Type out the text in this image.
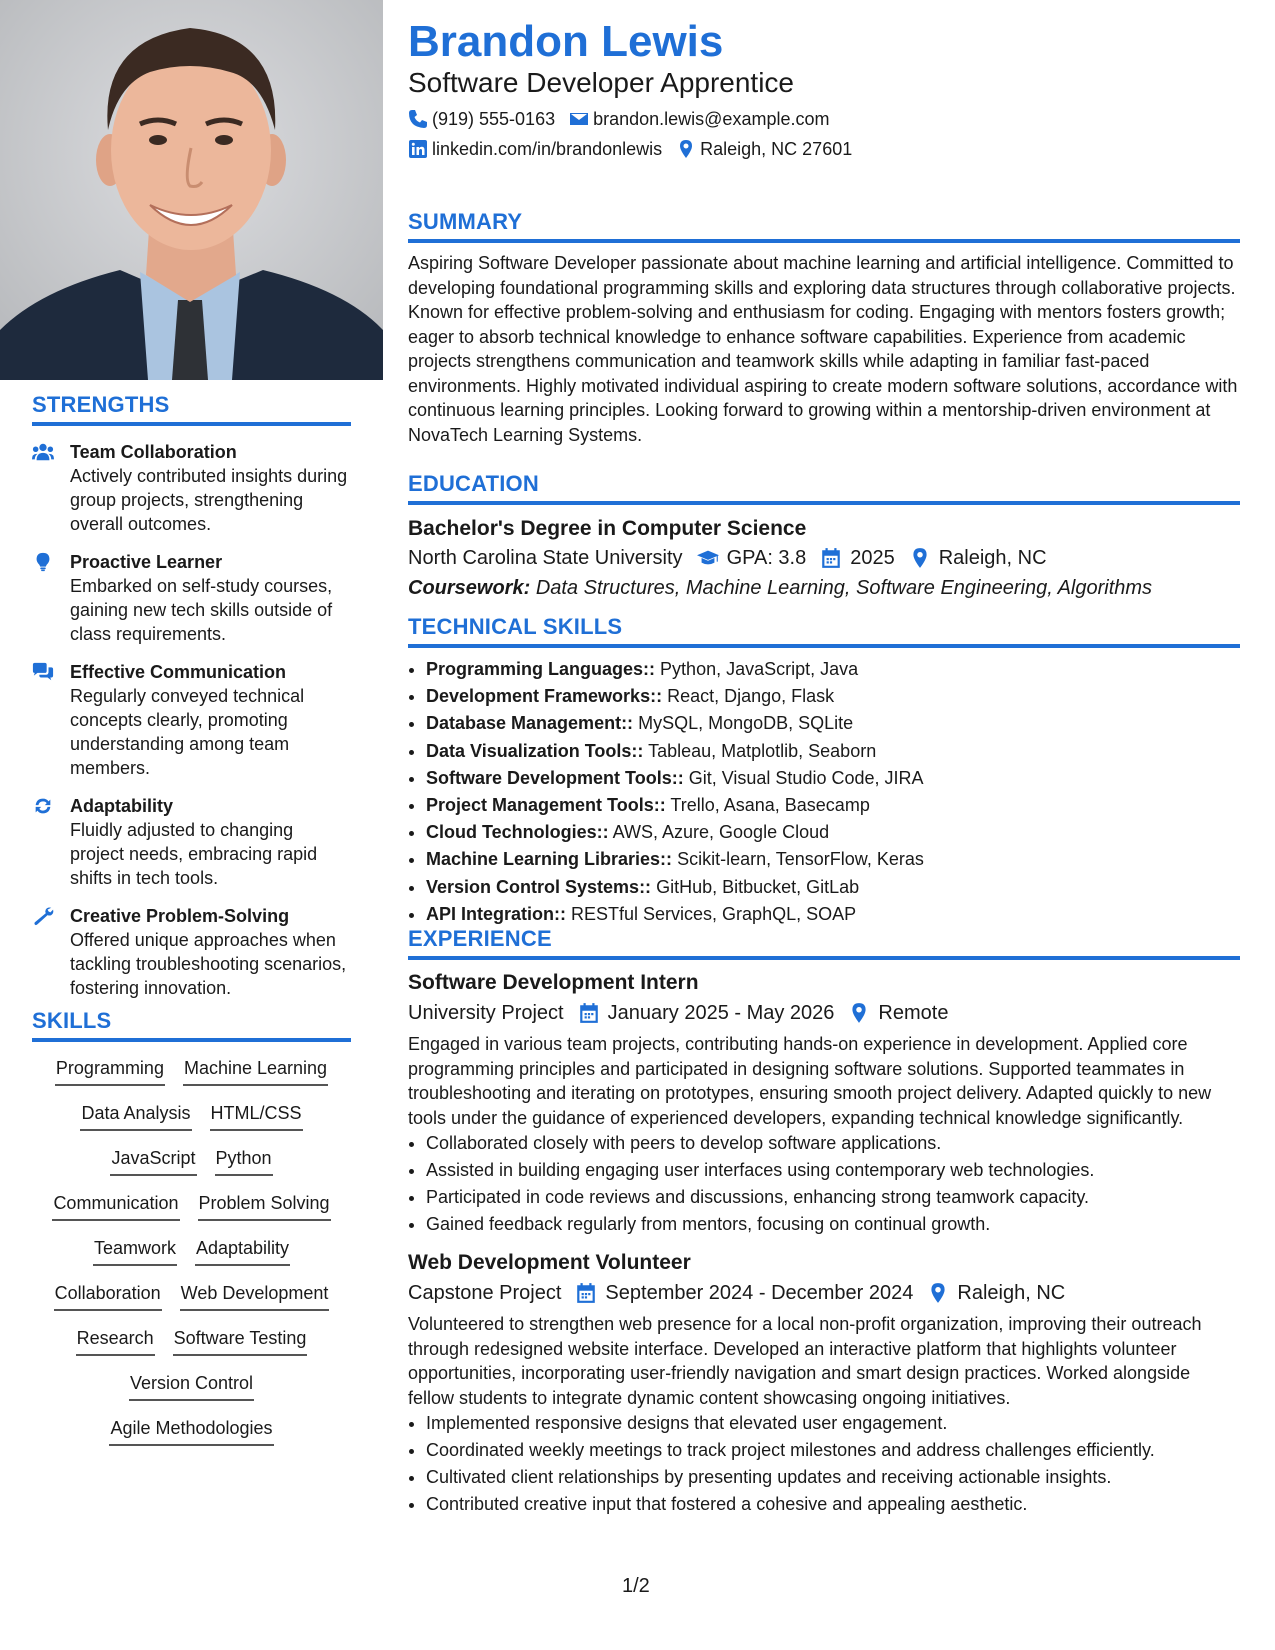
STRENGTHS
Team Collaboration
Actively contributed insights during group projects, strengthening overall outcomes.
Proactive Learner
Embarked on self-study courses, gaining new tech skills outside of class requirements.
Effective Communication
Regularly conveyed technical concepts clearly, promoting understanding among team members.
Adaptability
Fluidly adjusted to changing project needs, embracing rapid shifts in tech tools.
Creative Problem-Solving
Offered unique approaches when tackling troubleshooting scenarios, fostering innovation.
SKILLS
Programming Machine Learning
Data Analysis HTML/CSS
JavaScript Python
Communication Problem Solving
Teamwork Adaptability
Collaboration Web Development
Research Software Testing
Version Control
Agile Methodologies
Brandon Lewis
Software Developer Apprentice
(919) 555-0163 brandon.lewis@example.com
linkedin.com/in/brandonlewis Raleigh, NC 27601
SUMMARY

Aspiring Software Developer passionate about machine learning and artificial intelligence. Committed to developing foundational programming skills and exploring data structures through collaborative projects. Known for effective problem-solving and enthusiasm for coding. Engaging with mentors fosters growth; eager to absorb technical knowledge to enhance software capabilities. Experience from academic projects strengthens communication and teamwork skills while adapting in familiar fast-paced environments. Highly motivated individual aspiring to create modern software solutions, accordance with continuous learning principles. Looking forward to growing within a mentorship-driven environment at NovaTech Learning Systems.

EDUCATION
Bachelor's Degree in Computer Science
North Carolina State University GPA: 3.8 2025 Raleigh, NC
Coursework: Data Structures, Machine Learning, Software Engineering, Algorithms
TECHNICAL SKILLS
• Programming Languages:: Python, JavaScript, Java
• Development Frameworks:: React, Django, Flask
• Database Management:: MySQL, MongoDB, SQLite
• Data Visualization Tools:: Tableau, Matplotlib, Seaborn
• Software Development Tools:: Git, Visual Studio Code, JIRA
• Project Management Tools:: Trello, Asana, Basecamp
• Cloud Technologies:: AWS, Azure, Google Cloud
• Machine Learning Libraries:: Scikit-learn, TensorFlow, Keras
• Version Control Systems:: GitHub, Bitbucket, GitLab
• API Integration:: RESTful Services, GraphQL, SOAP
EXPERIENCE
Software Development Intern
University Project January 2025 - May 2026 Remote

Engaged in various team projects, contributing hands-on experience in development. Applied core programming principles and participated in designing software solutions. Supported teammates in troubleshooting and iterating on prototypes, ensuring smooth project delivery. Adapted quickly to new tools under the guidance of experienced developers, expanding technical knowledge significantly.

• Collaborated closely with peers to develop software applications.
• Assisted in building engaging user interfaces using contemporary web technologies.
• Participated in code reviews and discussions, enhancing strong teamwork capacity.
• Gained feedback regularly from mentors, focusing on continual growth.
Web Development Volunteer
Capstone Project September 2024 - December 2024 Raleigh, NC

Volunteered to strengthen web presence for a local non-profit organization, improving their outreach through redesigned website interface. Developed an interactive platform that highlights volunteer opportunities, incorporating user-friendly navigation and smart design practices. Worked alongside fellow students to integrate dynamic content showcasing ongoing initiatives.

• Implemented responsive designs that elevated user engagement.
• Coordinated weekly meetings to track project milestones and address challenges efficiently.
• Cultivated client relationships by presenting updates and receiving actionable insights.
• Contributed creative input that fostered a cohesive and appealing aesthetic.
1/2
